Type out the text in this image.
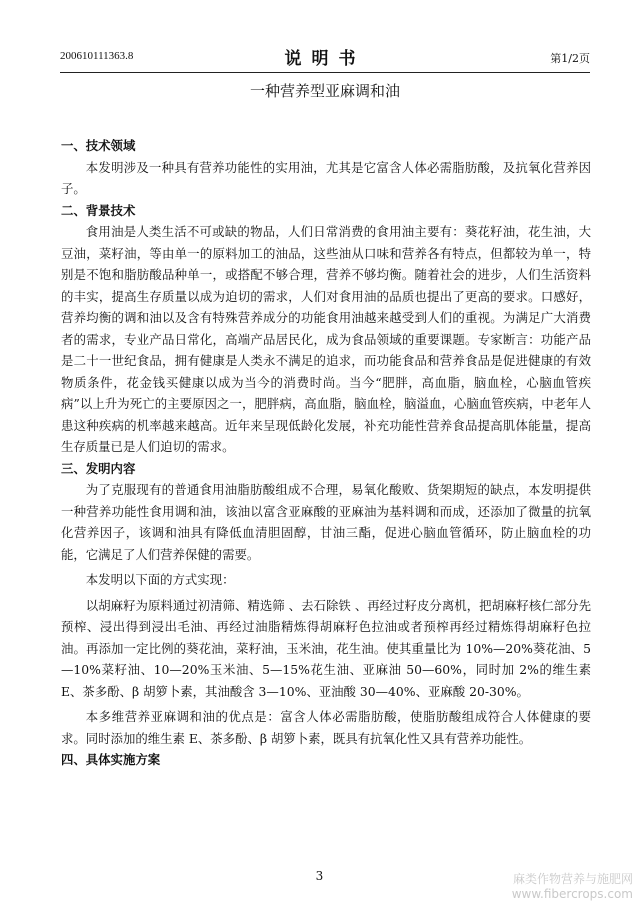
200610111363.8	说明书	第1/2页
一种营养型亚麻调和油
一、技术领域

本发明涉及一种具有营养功能性的实用油，尤其是它富含人体必需脂肪酸，及抗氧化营养因子。

二、背景技术

食用油是人类生活不可或缺的物品，人们日常消费的食用油主要有：葵花籽油，花生油，大豆油，菜籽油，等由单一的原料加工的油品，这些油从口味和营养各有特点，但都较为单一，特别是不饱和脂肪酸品种单一，或搭配不够合理，营养不够均衡。随着社会的进步，人们生活资料的丰实，提高生存质量以成为迫切的需求，人们对食用油的品质也提出了更高的要求。口感好，营养均衡的调和油以及含有特殊营养成分的功能食用油越来越受到人们的重视。为满足广大消费者的需求，专业产品日常化，高端产品居民化，成为食品领域的重要课题。专家断言：功能产品是二十一世纪食品，拥有健康是人类永不满足的追求，而功能食品和营养食品是促进健康的有效物质条件，花金钱买健康以成为当今的消费时尚。当今“肥胖，高血脂，脑血栓，心脑血管疾病”以上升为死亡的主要原因之一，肥胖病，高血脂，脑血栓，脑溢血，心脑血管疾病，中老年人患这种疾病的机率越来越高。近年来呈现低龄化发展，补充功能性营养食品提高肌体能量，提高生存质量已是人们迫切的需求。

三、发明内容

为了克服现有的普通食用油脂肪酸组成不合理，易氧化酸败、货架期短的缺点，本发明提供一种营养功能性食用调和油，该油以富含亚麻酸的亚麻油为基料调和而成，还添加了微量的抗氧化营养因子，该调和油具有降低血清胆固醇，甘油三酯，促进心脑血管循环，防止脑血栓的功能，它满足了人们营养保健的需要。

本发明以下面的方式实现：

以胡麻籽为原料通过初清筛、精选筛 、去石除铁 、再经过籽皮分离机，把胡麻籽核仁部分先预榨、浸出得到浸出毛油、再经过油脂精炼得胡麻籽色拉油或者预榨再经过精炼得胡麻籽色拉油。再添加一定比例的葵花油，菜籽油，玉米油，花生油。使其重量比为 10%—20%葵花油、5—10%菜籽油、10—20%玉米油、5—15%花生油、亚麻油 50—60%，同时加 2%的维生素 E、茶多酚、β 胡箩卜素，其油酸含 3—10%、亚油酸 30—40%、亚麻酸 20-30%。

本多维营养亚麻调和油的优点是：富含人体必需脂肪酸，使脂肪酸组成符合人体健康的要求。同时添加的维生素 E、茶多酚、β 胡箩卜素，既具有抗氧化性又具有营养功能性。

四、具体实施方案
3	麻类作物营养与施肥网
www.fibercrops.com
